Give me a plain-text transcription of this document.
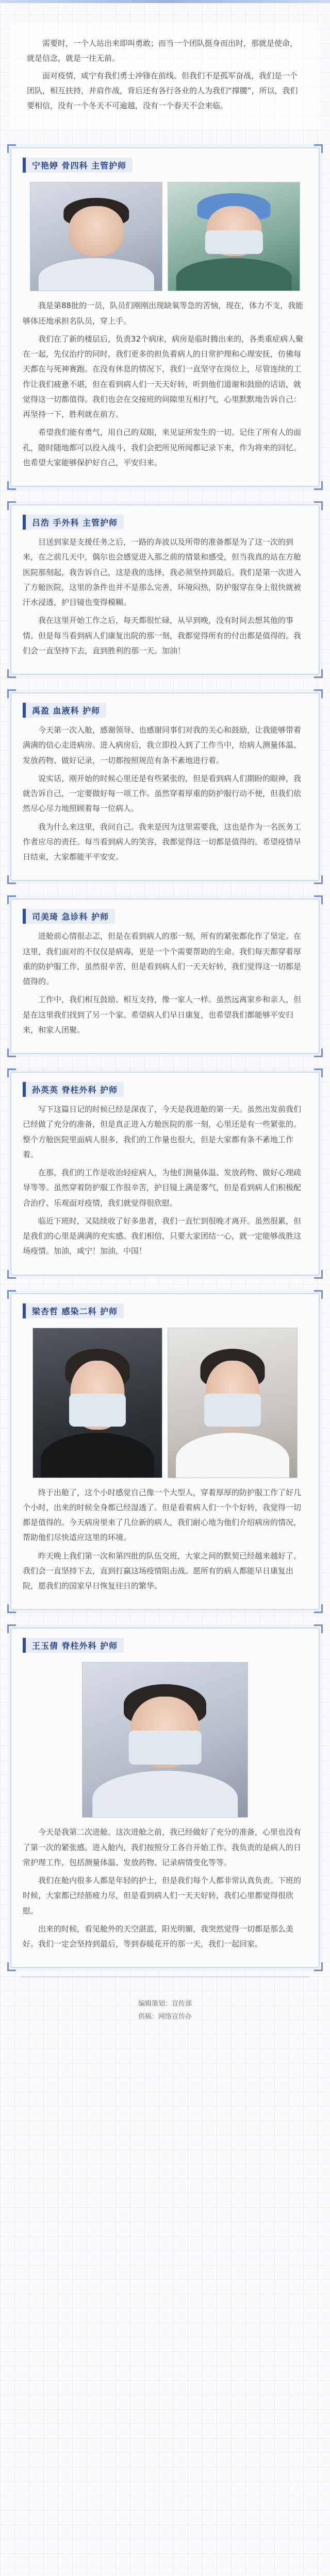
需要时，一个人站出来即叫勇敢；而当一个团队挺身而出时，那就是使命，就是信念，就是一往无前。

面对疫情，咸宁有我们勇士冲锋在前线。但我们不是孤军奋战，我们是一个团队，相互扶持，并肩作战，背后还有各行各业的人为我们“撑腰”，所以，我们要相信，没有一个冬天不可逾越，没有一个春天不会来临。

宁艳婷 骨四科 主管护师

我是第88批的一员，队员们刚刚出现缺氧等急的苦恼，现在，体力不支，我能够体还地承担名队员，穿上手。

我们在了新的楼层后，负责32个病床，病房是临时腾出来的，各类重症病人聚在一起，先仅治疗的同时，我们更多的担负着病人的日常护理和心理安抚，仿佛每天都在与死神赛跑。在没有休息的情况下，我们一直坚守在岗位上，尽管连续的工作让我们疲惫不堪，但在看到病人们一天天好转，听到他们道谢和鼓励的话语，就觉得这一切都值得。我们也会在交接班的间隙里互相打气，心里默默地告诉自己：再坚持一下，胜利就在前方。

希望我们能有勇气，用自己的双眼，来见证所发生的一切。记住了所有人的面孔，随时随地都可以投入战斗，我们会把所见所闻都记录下来，作为将来的回忆。也希望大家能够保护好自己，平安归来。

吕浩 手外科 主管护师

目送到家是支援任务之后，一路的奔波以及所带的准备都是为了这一次的到来，在之前几天中，偶尔也会感觉进入那之前的情景和感受，但当我真的站在方舱医院那刻起，我告诉自己，这是我的选择，我必须坚持到最后。我们是第一次进入了方舱医院，这里的条件也并不是那么完善，环境闷热，防护服穿在身上很快就被汗水浸透，护目镜也变得模糊。

我在这里开始工作之后，每天都很忙碌，从早到晚，没有时间去想其他的事情。但是每当看到病人们康复出院的那一刻，我都觉得所有的付出都是值得的。我们会一直坚持下去，直到胜利的那一天。加油！

禹盈 血液科 护师

今天第一次入舱，感谢领导、也感谢同事们对我的关心和鼓励，让我能够带着满满的信心走进病房。进入病房后，我立即投入到了工作当中，给病人测量体温、发放药物、做好记录，一切都按照规范有条不紊地进行着。

说实话，刚开始的时候心里还是有些紧张的，但是看到病人们期盼的眼神，我就告诉自己，一定要做好每一项工作。虽然穿着厚重的防护服行动不便，但我们依然尽心尽力地照顾着每一位病人。

我为什么来这里，我问自己。我来是因为这里需要我，这也是作为一名医务工作者应尽的责任。每当看到病人的笑容，我都觉得这一切都是值得的。希望疫情早日结束，大家都能平平安安。

司美琦 急诊科 护师

进舱前心情很忐忑，但是在看到病人的那一刻，所有的紧张都化作了坚定。在这里，我们面对的不仅仅是病毒，更是一个个需要帮助的生命。我们每天都穿着厚重的防护服工作，虽然很辛苦，但是看到病人们一天天好转，我们觉得这一切都是值得的。

工作中，我们相互鼓励、相互支持，像一家人一样。虽然远离家乡和亲人，但是在这里我们找到了另一个家。希望病人们早日康复，也希望我们都能够平安归来，和家人团聚。

孙英英 脊柱外科 护师

写下这篇日记的时候已经是深夜了，今天是我进舱的第一天。虽然出发前我们已经做了充分的准备，但是真正进入方舱医院的那一刻，心里还是有一些紧张的。整个方舱医院里面病人很多，我们的工作量也很大，但是大家都有条不紊地工作着。

在那，我们的工作是收治轻症病人，为他们测量体温、发放药物、做好心理疏导等等。虽然穿着防护服工作很辛苦，护目镜上满是雾气，但是看到病人们积极配合治疗、乐观面对疫情，我们就觉得很欣慰。

临近下班时，又陆续收了好多患者，我们一直忙到很晚才离开。虽然很累，但是我们的心里是满满的充实感。我们相信，只要大家团结一心，就一定能够战胜这场疫情。加油，咸宁！加油，中国！

梁杏哲 感染二科 护师

终于出舱了，这个小时感觉自己像一个大型人，穿着厚厚的防护服工作了好几个小时，出来的时候全身都已经湿透了。但是看着病人们一个个好转，我觉得一切都是值得的。今天病房里来了几位新的病人，我们耐心地为他们介绍病房的情况，帮助他们尽快适应这里的环境。

昨天晚上我们第一次和第四批的队伍交班，大家之间的默契已经越来越好了。我们会一直坚持下去，直到打赢这场疫情阻击战。愿所有的病人都能早日康复出院，愿我们的国家早日恢复往日的繁华。

王玉倩 脊柱外科 护师

今天是我第二次进舱。这次进舱之前，我已经做好了充分的准备，心里也没有了第一次的紧张感。进入舱内，我们按照分工各自开始工作。我负责的是病人的日常护理工作，包括测量体温、发放药物、记录病情变化等等。

我们在舱内很多人都是年轻的护士，但是我们每个人都非常认真负责。下班的时候，大家都已经筋疲力尽，但是看到病人们一天天好转，我们心里都觉得很欣慰。

出来的时候，看见舱外的天空湛蓝，阳光明媚，我突然觉得一切都是那么美好。我们一定会坚持到最后，等到春暖花开的那一天，我们一起回家。

编辑策划：宣传部
供稿：网络宣传办
